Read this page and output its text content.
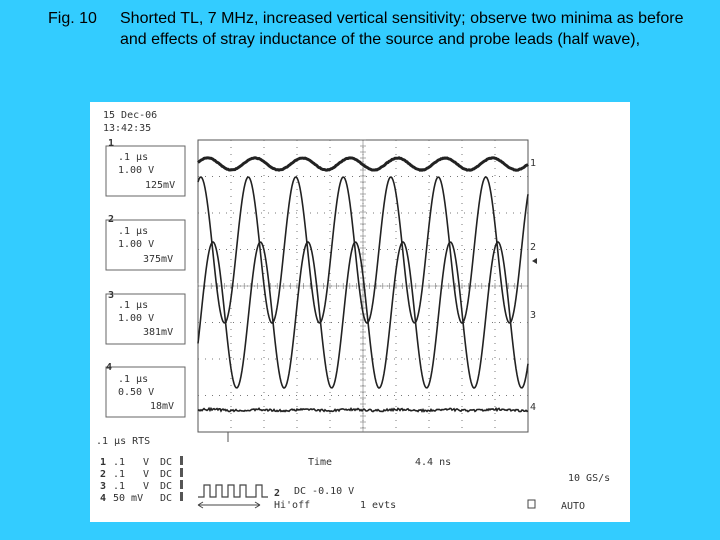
Fig. 10 Shorted TL, 7 MHz, increased vertical sensitivity; observe two minima as before and effects of stray inductance of the source and probe leads (half wave),
15 Dec-06
13:42:35
1
.1 μs
1.00 V
125mV
2
.1 μs
1.00 V
375mV
3
.1 μs
1.00 V
381mV
4
.1 μs
0.50 V
18mV
1
2
3
4
.1 μs RTS
1 .1 V DC
2 .1 V DC
3 .1 V DC
4 50 mV DC	2 DC -0.10 V
Hi'off	1 evts
Time	4.4 ns
10 GS/s
AUTO
